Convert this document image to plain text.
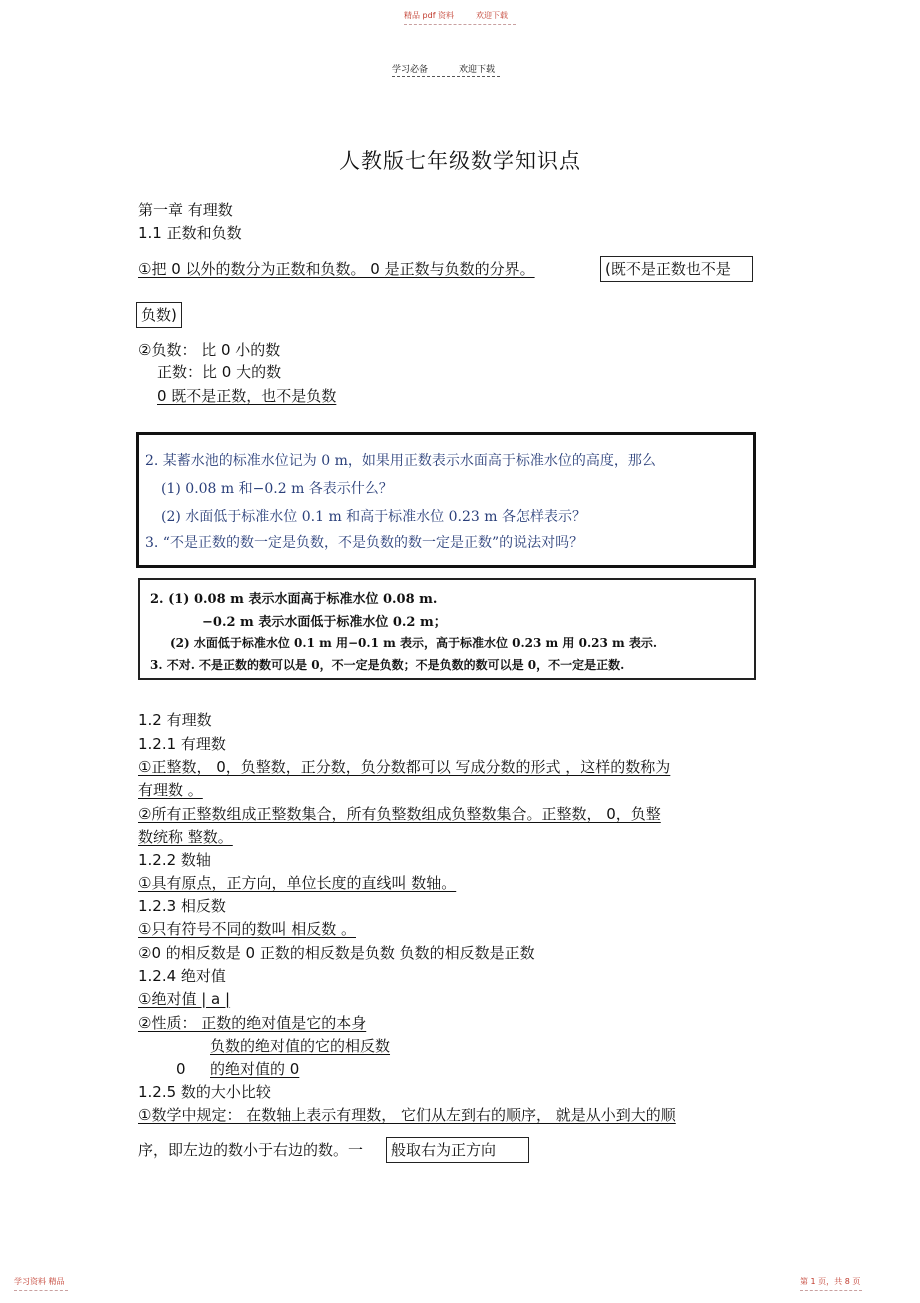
精品 pdf 资料	欢迎下载
学习必备	欢迎下载
人教版七年级数学知识点
第一章 有理数
1.1 正数和负数
①把 0 以外的数分为正数和负数。 0 是正数与负数的分界。	(既不是正数也不是
负数)
②负数： 比 0 小的数
正数：比 0 大的数
0 既不是正数，也不是负数
2. 某蓄水池的标准水位记为 0 m，如果用正数表示水面高于标准水位的高度，那么
(1) 0.08 m 和−0.2 m 各表示什么？
(2) 水面低于标准水位 0.1 m 和高于标准水位 0.23 m 各怎样表示？
3. “不是正数的数一定是负数，不是负数的数一定是正数”的说法对吗？
2. (1) 0.08 m 表示水面高于标准水位 0.08 m.
−0.2 m 表示水面低于标准水位 0.2 m；
(2) 水面低于标准水位 0.1 m 用−0.1 m 表示，高于标准水位 0.23 m 用 0.23 m 表示.
3. 不对. 不是正数的数可以是 0，不一定是负数；不是负数的数可以是 0，不一定是正数.
1.2 有理数
1.2.1 有理数
①正整数， 0，负整数，正分数，负分数都可以 写成分数的形式 ，这样的数称为
有理数 。
②所有正整数组成正整数集合，所有负整数组成负整数集合。正整数， 0，负整
数统称 整数。
1.2.2 数轴
①具有原点，正方向，单位长度的直线叫 数轴。
1.2.3 相反数
①只有符号不同的数叫 相反数 。
②0 的相反数是 0 正数的相反数是负数 负数的相反数是正数
1.2.4 绝对值
①绝对值 | a |
②性质： 正数的绝对值是它的本身
负数的绝对值的它的相反数
0 的绝对值的 0
1.2.5 数的大小比较
①数学中规定： 在数轴上表示有理数， 它们从左到右的顺序， 就是从小到大的顺
序，即左边的数小于右边的数。一	般取右为正方向
学习资料 精品	第 1 页，共 8 页
